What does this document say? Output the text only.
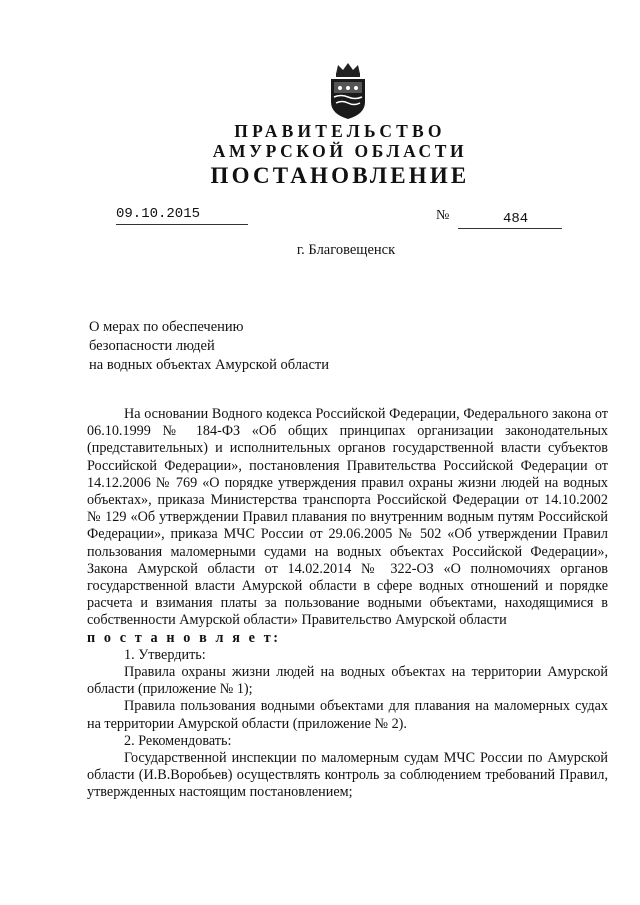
ПРАВИТЕЛЬСТВО
АМУРСКОЙ ОБЛАСТИ
ПОСТАНОВЛЕНИЕ
09.10.2015	№	484
г. Благовещенск
О мерах по обеспечению
безопасности людей
на водных объектах Амурской области

На основании Водного кодекса Российской Федерации, Федерального закона от 06.10.1999 № 184-ФЗ «Об общих принципах организации законодательных (представительных) и исполнительных органов государственной власти субъектов Российской Федерации», постановления Правительства Российской Федерации от 14.12.2006 № 769 «О порядке утверждения правил охраны жизни людей на водных объектах», приказа Министерства транспорта Российской Федерации от 14.10.2002 № 129 «Об утверждении Правил плавания по внутренним водным путям Российской Федерации», приказа МЧС России от 29.06.2005 № 502 «Об утверждении Правил пользования маломерными судами на водных объектах Российской Федерации», Закона Амурской области от 14.02.2014 № 322-ОЗ «О полномочиях органов государственной власти Амурской области в сфере водных отношений и порядке расчета и взимания платы за пользование водными объектами, находящимися в собственности Амурской области» Правительство Амурской области

п о с т а н о в л я е т:

1. Утвердить:

Правила охраны жизни людей на водных объектах на территории Амурской области (приложение № 1);

Правила пользования водными объектами для плавания на маломерных судах на территории Амурской области (приложение № 2).

2. Рекомендовать:

Государственной инспекции по маломерным судам МЧС России по Амурской области (И.В.Воробьев) осуществлять контроль за соблюдением требований Правил, утвержденных настоящим постановлением;
